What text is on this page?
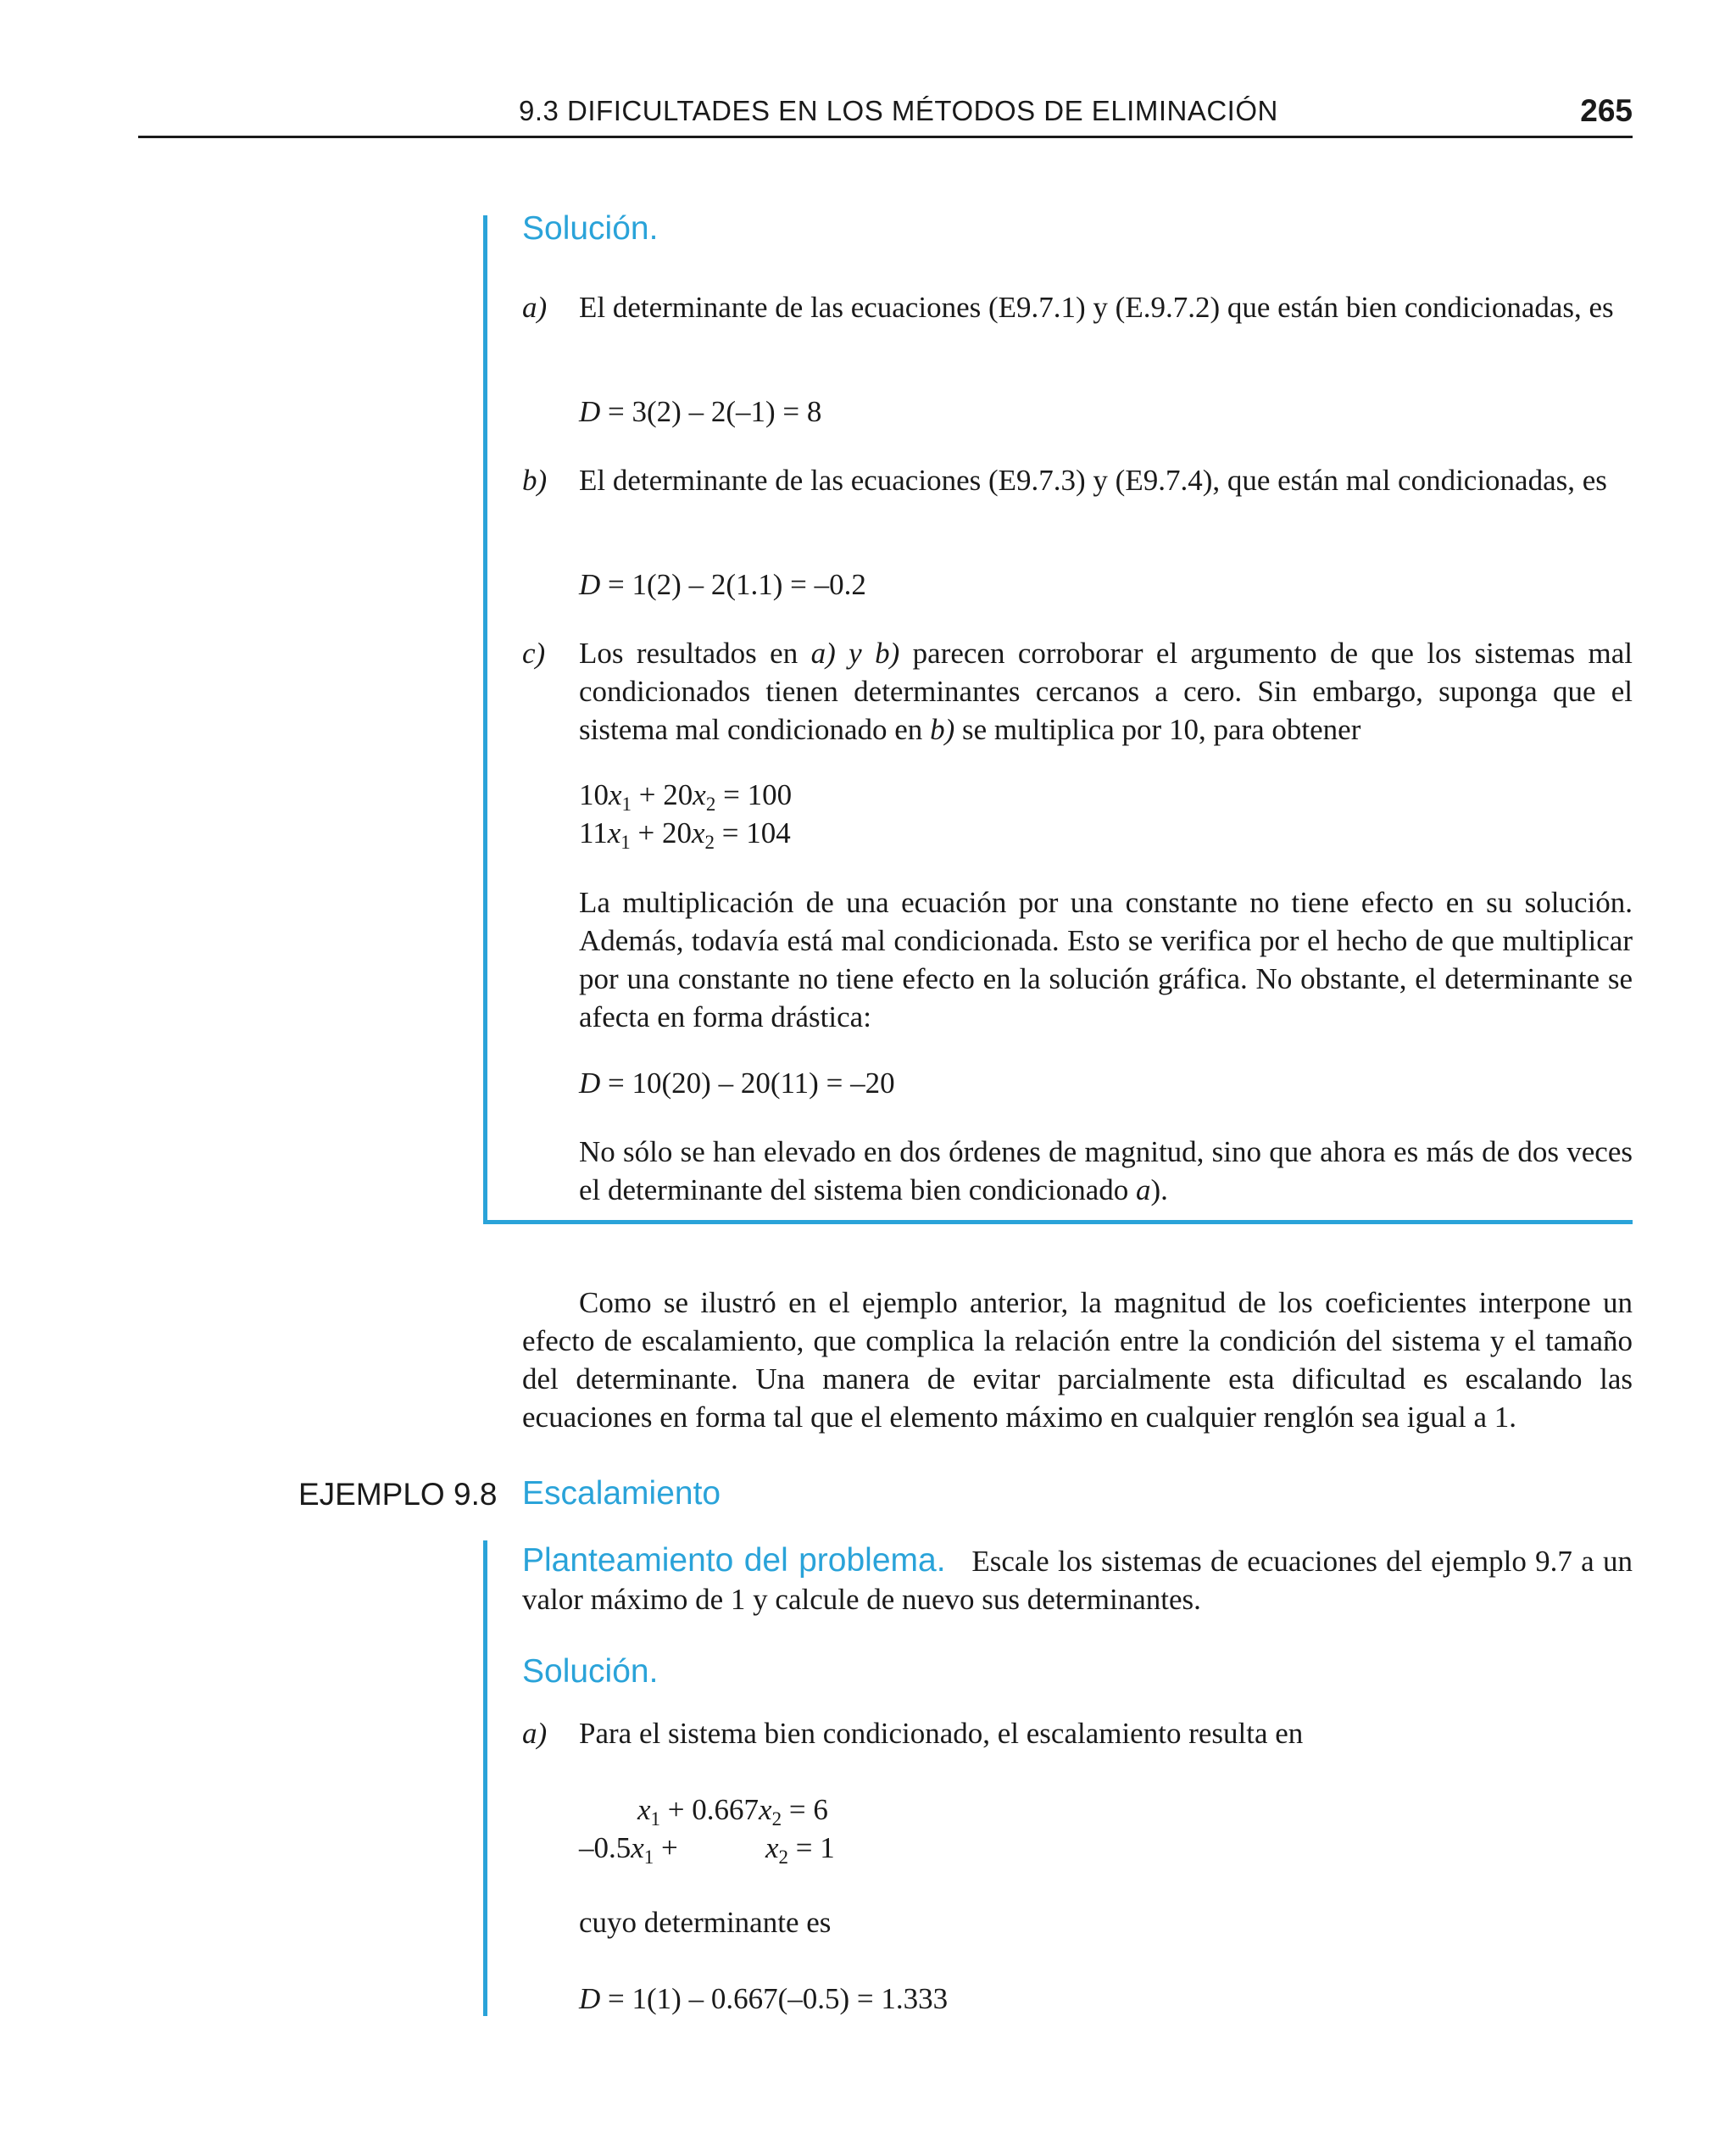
9.3 DIFICULTADES EN LOS MÉTODOS DE ELIMINACIÓN	265
Solución.
a) El determinante de las ecuaciones (E9.7.1) y (E.9.7.2) que están bien condicionadas, es
D = 3(2) – 2(–1) = 8
b) El determinante de las ecuaciones (E9.7.3) y (E9.7.4), que están mal condicionadas, es
D = 1(2) – 2(1.1) = –0.2
c) Los resultados en a) y b) parecen corroborar el argumento de que los sistemas mal condicionados tienen determinantes cercanos a cero. Sin embargo, suponga que el sistema mal condicionado en b) se multiplica por 10, para obtener
$10x_1 + 20x_2 = 100$
$11x_1 + 20x_2 = 104$
La multiplicación de una ecuación por una constante no tiene efecto en su solución. Además, todavía está mal condicionada. Esto se verifica por el hecho de que multiplicar por una constante no tiene efecto en la solución gráfica. No obstante, el determinante se afecta en forma drástica:
D = 10(20) – 20(11) = –20
No sólo se han elevado en dos órdenes de magnitud, sino que ahora es más de dos veces el determinante del sistema bien condicionado a).
Como se ilustró en el ejemplo anterior, la magnitud de los coeficientes interpone un efecto de escalamiento, que complica la relación entre la condición del sistema y el tamaño del determinante. Una manera de evitar parcialmente esta dificultad es escalando las ecuaciones en forma tal que el elemento máximo en cualquier renglón sea igual a 1.
EJEMPLO 9.8 Escalamiento
Planteamiento del problema. Escale los sistemas de ecuaciones del ejemplo 9.7 a un valor máximo de 1 y calcule de nuevo sus determinantes.
Solución.
a) Para el sistema bien condicionado, el escalamiento resulta en
$x_1 + 0.667x_2 = 6$
$-0.5x_1$ +	$x_2 = 1$
cuyo determinante es
D = 1(1) – 0.667(–0.5) = 1.333
